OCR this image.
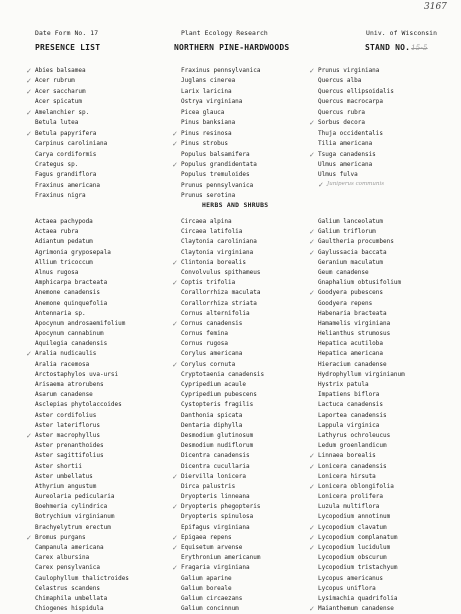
3167
Date Form No. 17	Plant Ecology Research	Univ. of Wisconsin
PRESENCE LIST	NORTHERN PINE-HARDWOODS	STAND NO.15-5
✓ Abies balsamea
✓ Acer rubrum
✓ Acer saccharum
Acer spicatum
✓ Amelanchier sp.
Betula lutea
✓ Betula papyrifera
Carpinus caroliniana
Carya cordiformis
Crategus sp.
Fagus grandiflora
Fraxinus americana
Fraxinus nigra
Fraxinus pennsylvanica
Juglans cinerea
Larix laricina
Ostrya virginiana
Picea glauca
Pinus banksiana
✓ Pinus resinosa
✓ Pinus strobus
Populus balsamifera
✓ Populus grandidentata
Populus tremuloides
Prunus pennsylvanica
Prunus serotina
✓ Prunus virginiana
Quercus alba
Quercus ellipsoidalis
Quercus macrocarpa
Quercus rubra
✓ Sorbus decora
Thuja occidentalis
Tilia americana
✓ Tsuga canadensis
Ulmus americana
Ulmus fulva
✓ Juniperus communis
HERBS AND SHRUBS
Actaea pachypoda
Actaea rubra
Adiantum pedatum
Agrimonia gryposepala
Allium tricoccum
Alnus rugosa
Amphicarpa bracteata
Anemone canadensis
Anemone quinquefolia
Antennaria sp.
Apocynum androsaemifolium
Apocynum cannabinum
Aquilegia canadensis
✓ Aralia nudicaulis
Aralia racemosa
Arctostaphylos uva-ursi
Arisaema atrorubens
Asarum canadense
Asclepias phytolaccoides
Aster cordifolius
Aster lateriflorus
✓ Aster macrophyllus
Aster prenanthoides
Aster sagittifolius
Aster shortii
Aster umbellatus
Athyrium angustum
Aureolaria pedicularia
Boehmeria cylindrica
Botrychium virginianum
Brachyelytrum erectum
✓ Bromus purgans
Campanula americana
Carex albursina
Carex pensylvanica
Caulophyllum thalictroides
Celastrus scandens
Chimaphila umbellata
Chiogenes hispidula
Circaea alpina
Circaea latifolia
Claytonia caroliniana
Claytonia virginiana
✓ Clintonia borealis
Convolvulus spithameus
✓ Coptis trifolia
Corallorrhiza maculata
Corallorrhiza striata
Cornus alternifolia
✓ Cornus canadensis
Cornus femina
Cornus rugosa
Corylus americana
✓ Corylus cornuta
Cryptotaenia canadensis
Cypripedium acaule
Cypripedium pubescens
Cystopteris fragilis
Danthonia spicata
Dentaria diphylla
Desmodium glutinosum
Desmodium nudiflorum
Dicentra canadensis
Dicentra cucullaria
✓ Diervilla lonicera
Dirca palustris
Dryopteris linneana
✓ Dryopteris phegopteris
Dryopteris spinulosa
Epifagus virginiana
✓ Epigaea repens
✓ Equisetum arvense
Erythronium americanum
✓ Fragaria virginiana
Galium aparine
Galium boreale
Galium circaezans
Galium concinnum
Galium lanceolatum
✓ Galium triflorum
✓ Gaultheria procumbens
✓ Gaylussacia baccata
Geranium maculatum
Geum canadense
Gnaphalium obtusifolium
✓ Goodyera pubescens
Goodyera repens
Habenaria bracteata
Hamamelis virginiana
Helianthus strumosus
Hepatica acutiloba
Hepatica americana
Hieracium canadense
Hydrophyllum virginianum
Hystrix patula
Impatiens biflora
Lactuca canadensis
Laportea canadensis
Lappula virginica
Lathyrus ochroleucus
Ledum groenlandicum
✓ Linnaea borealis
✓ Lonicera canadensis
Lonicera hirsuta
✓ Lonicera oblongifolia
Lonicera prolifera
Luzula multiflora
Lycopodium annotinum
✓ Lycopodium clavatum
✓ Lycopodium complanatum
✓ Lycopodium lucidulum
Lycopodium obscurum
Lycopodium tristachyum
Lycopus americanus
Lycopus uniflora
Lysimachia quadrifolia
✓ Maianthemum canadense
